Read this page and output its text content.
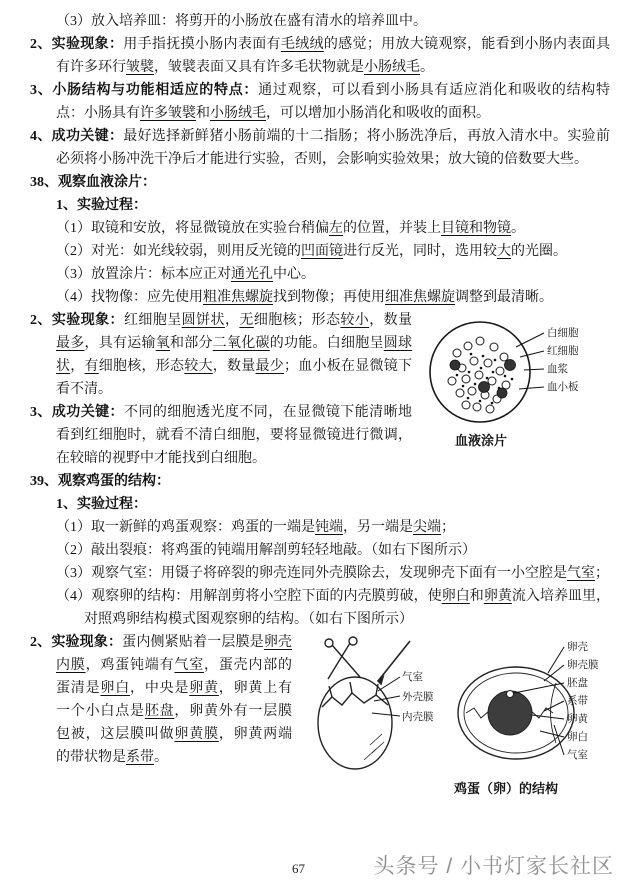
（3）放入培养皿：将剪开的小肠放在盛有清水的培养皿中。

2、实验现象：用手指抚摸小肠内表面有毛绒绒的感觉；用放大镜观察，能看到小肠内表面具有许多环行皱襞，皱襞表面又具有许多毛状物就是小肠绒毛。

3、小肠结构与功能相适应的特点：通过观察，可以看到小肠具有适应消化和吸收的结构特点：小肠具有许多皱襞和小肠绒毛，可以增加小肠消化和吸收的面积。

4、成功关键：最好选择新鲜猪小肠前端的十二指肠；将小肠洗净后，再放入清水中。实验前必须将小肠冲洗干净后才能进行实验，否则，会影响实验效果；放大镜的倍数要大些。

38、观察血液涂片：

1、实验过程：

（1）取镜和安放，将显微镜放在实验台稍偏左的位置，并装上目镜和物镜。

（2）对光：如光线较弱，则用反光镜的凹面镜进行反光，同时，选用较大的光圈。

（3）放置涂片：标本应正对通光孔中心。

（4）找物像：应先使用粗准焦螺旋找到物像；再使用细准焦螺旋调整到最清晰。

白细胞
红细胞
血浆
血小板
血液涂片

2、实验现象：红细胞呈圆饼状，无细胞核；形态较小，数量最多，具有运输氧和部分二氧化碳的功能。白细胞呈圆球状，有细胞核，形态较大，数量最少；血小板在显微镜下看不清。

3、成功关键：不同的细胞透光度不同，在显微镜下能清晰地看到红细胞时，就看不清白细胞，要将显微镜进行微调，在较暗的视野中才能找到白细胞。

39、观察鸡蛋的结构：

1、实验过程：

（1）取一新鲜的鸡蛋观察：鸡蛋的一端是钝端，另一端是尖端；

（2）敲出裂痕：将鸡蛋的钝端用解剖剪轻轻地敲。（如右下图所示）

（3）观察气室：用镊子将碎裂的卵壳连同外壳膜除去，发现卵壳下面有一小空腔是气室；

（4）观察卵的结构：用解剖剪将小空腔下面的内壳膜剪破，使卵白和卵黄流入培养皿里，对照鸡卵结构模式图观察卵的结构。（如右下图所示）

气室
外壳膜
内壳膜
卵壳
卵壳膜
胚盘
系带
卵黄
卵白
气室
鸡蛋（卵）的结构

2、实验现象：蛋内侧紧贴着一层膜是卵壳内膜，鸡蛋钝端有气室，蛋壳内部的蛋清是卵白，中央是卵黄，卵黄上有一个小白点是胚盘，卵黄外有一层膜包被，这层膜叫做卵黄膜，卵黄两端的带状物是系带。

67	头条号 / 小书灯家长社区
